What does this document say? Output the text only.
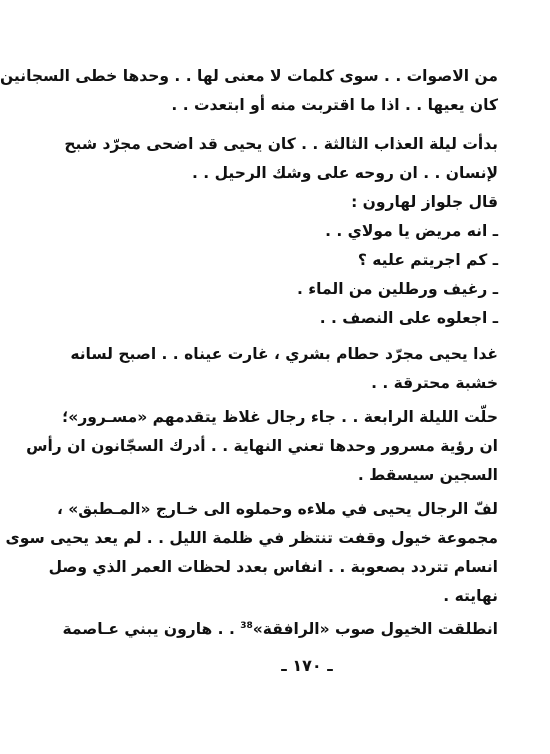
من الاصوات . . سوى كلمات لا معنى لها . . وحدها خطى السجانين
كان يعيها . . اذا ما اقتربت منه أو ابتعدت . .
بدأت ليلة العذاب الثالثة . . كان يحيى قد اضحى مجرّد شبح
لإنسان . . ان روحه على وشك الرحيل . .
قال جلواز لهارون :
ـ انه مريض يا مولاي . .
ـ كم اجريتم عليه ؟
ـ رغيف ورطلين من الماء .
ـ اجعلوه على النصف . .
غدا يحيى مجرّد حطام بشري ، غارت عيناه . . اصبح لسانه
خشبة محترقة . .
حلّت الليلة الرابعة . . جاء رجال غلاظ يتقدمهم «مسـرور»؛
ان رؤية مسرور وحدها تعني النهاية . . أدرك السجّانون ان رأس
السجين سيسقط .
لفّ الرجال يحيى في ملاءه وحملوه الى خـارج «المـطبق» ،
مجموعة خيول وقفت تنتظر في ظلمة الليل . . لم يعد يحيى سوى
انسام تتردد بصعوبة . . انفاس بعدد لحظات العمر الذي وصل
نهايته .
انطلقت الخيول صوب «الرافقة»$^{38}$ . . هارون يبني عـاصمة
ـ ١٧٠ ـ
